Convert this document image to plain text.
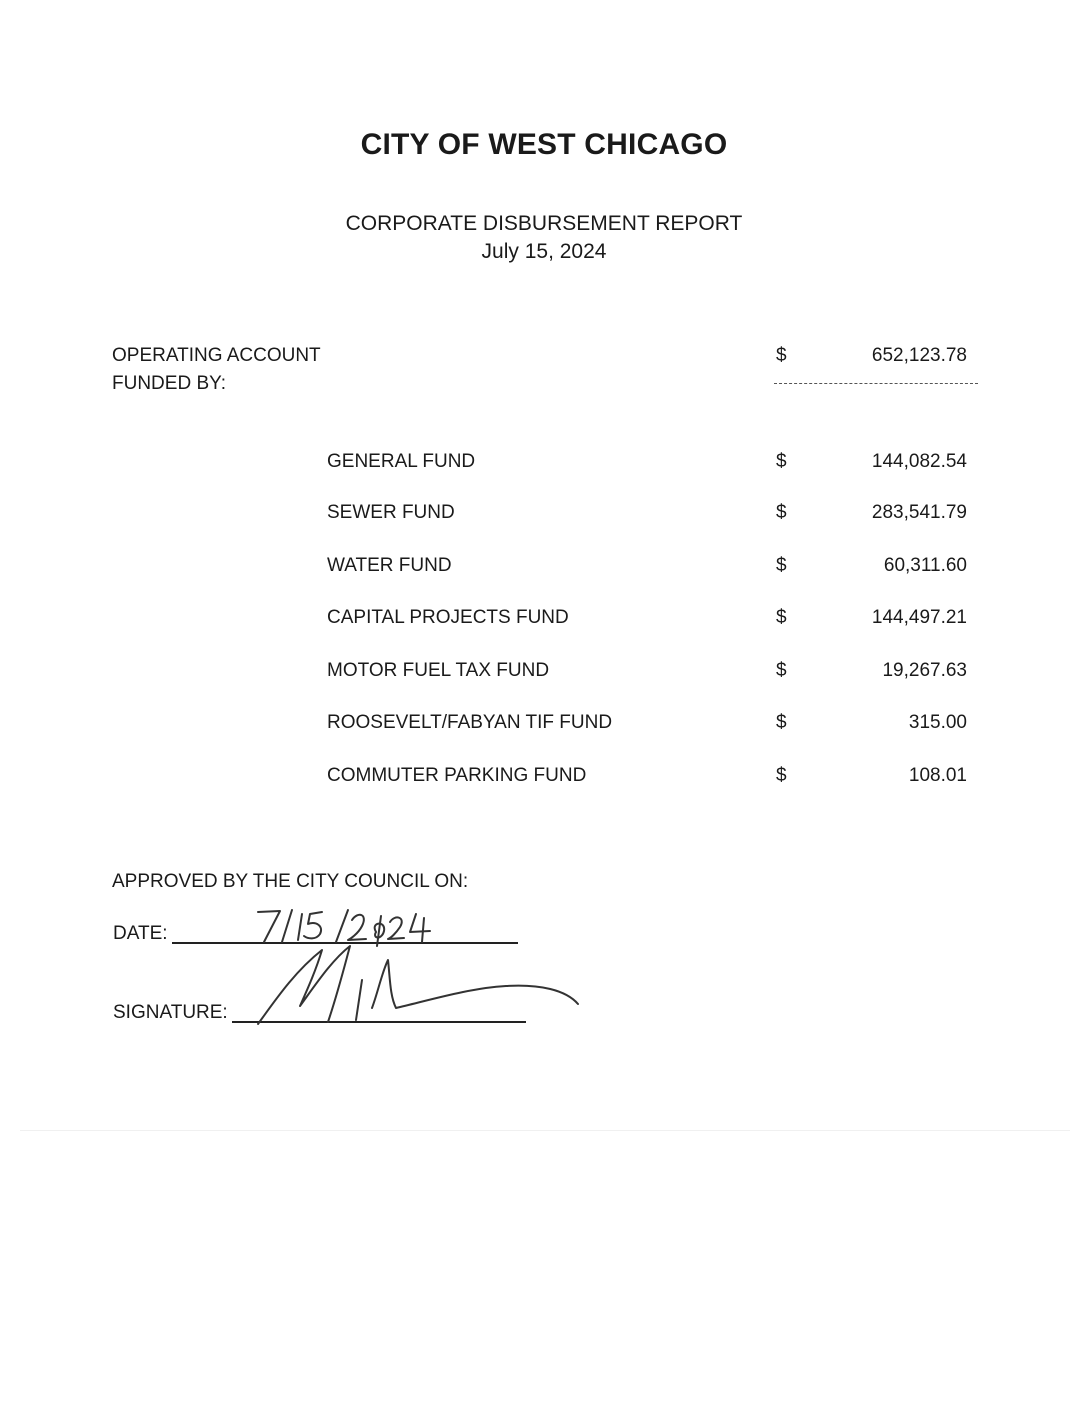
CITY OF WEST CHICAGO
CORPORATE DISBURSEMENT REPORT
July 15, 2024
OPERATING ACCOUNT	$	652,123.78
FUNDED BY:
GENERAL FUND	$	144,082.54
SEWER FUND	$	283,541.79
WATER FUND	$	60,311.60
CAPITAL PROJECTS FUND	$	144,497.21
MOTOR FUEL TAX FUND	$	19,267.63
ROOSEVELT/FABYAN TIF FUND	$	315.00
COMMUTER PARKING FUND	$	108.01
APPROVED BY THE CITY COUNCIL ON:
DATE:
SIGNATURE:
